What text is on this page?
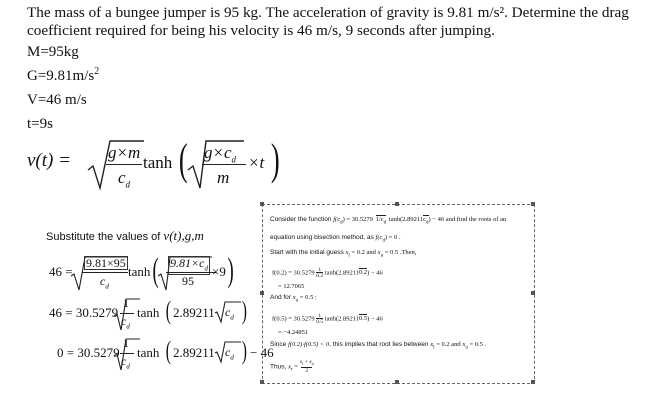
The mass of a bungee jumper is 95 kg. The acceleration of gravity is 9.81 m/s². Determine the drag coefficient required for being his velocity is 46 m/s, 9 seconds after jumping.
M=95kg
$G=9.81m/s^2$
V=46 m/s
t=9s
v(t) = g×m
$c_d$
tanh ( $g\times c_d$
m
×t )
Substitute the values of v(t),g,m
46 =
9.81×95
$c_d$
tanh ( $9.81\times c_d$
95
×9 )
46 = 30.5279
1
$c_d$
tanh ( 2.89211 $c_d$ )
0 = 30.5279
1
$c_d$
tanh ( 2.89211 $c_d$ ) − 46
Consider the function $f(c_d) = 30.5279$ $1/c_d$ $\tanh(2.89211c_d) - 46$ and find the roots of an
equation using bisection method, as $f(c_d) = 0$ .
Start with the initial guess $x_l = 0.2$ and $x_u = 0.5$ .Then,
$f(0.2) = 30.5279 \frac{1}{0.2} \tanh(2.892110.2) - 46$
= 12.7065
And for $x_u = 0.5$ :
$f(0.5) = 30.5279 \frac{1}{0.5} \tanh(2.892110.5) - 46$
= −4.24851
Since f(0.2)·f(0.5) < 0, this implies that root lies between $x_l = 0.2$ and $x_u = 0.5$ .
Thus, $x_r = x_l + x_u$
2
